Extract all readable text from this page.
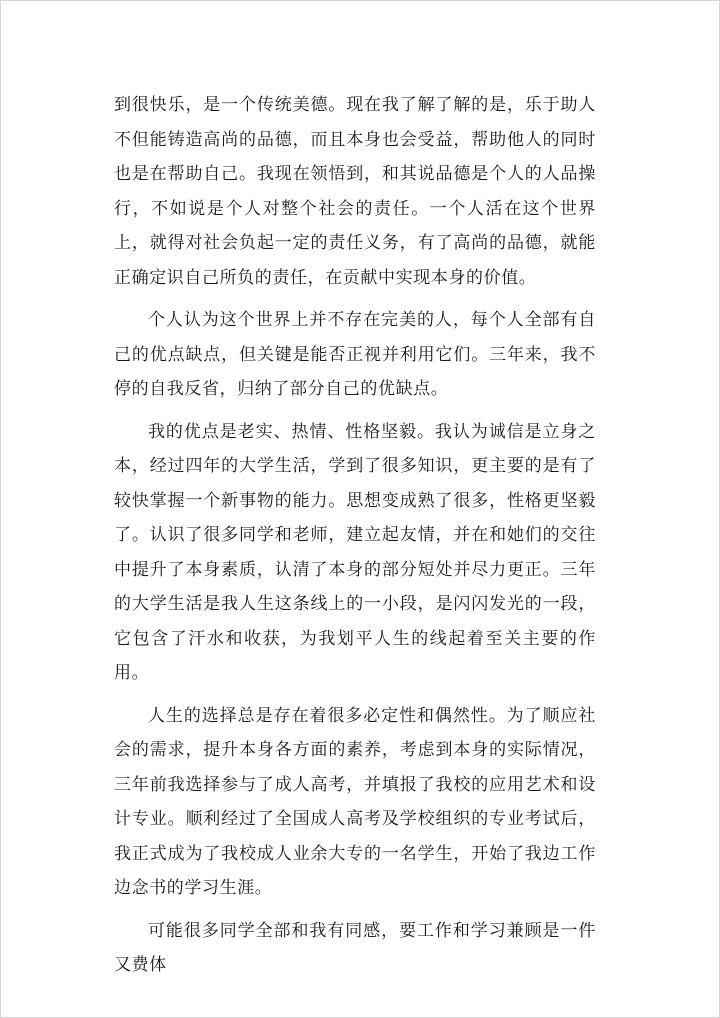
到很快乐，是一个传统美德。现在我了解了解的是，乐于助人不但能铸造高尚的品德，而且本身也会受益，帮助他人的同时也是在帮助自己。我现在领悟到，和其说品德是个人的人品操行，不如说是个人对整个社会的责任。一个人活在这个世界上，就得对社会负起一定的责任义务，有了高尚的品德，就能正确定识自己所负的责任，在贡献中实现本身的价值。

个人认为这个世界上并不存在完美的人，每个人全部有自己的优点缺点，但关键是能否正视并利用它们。三年来，我不停的自我反省，归纳了部分自己的优缺点。

我的优点是老实、热情、性格坚毅。我认为诚信是立身之本，经过四年的大学生活，学到了很多知识，更主要的是有了较快掌握一个新事物的能力。思想变成熟了很多，性格更坚毅了。认识了很多同学和老师，建立起友情，并在和她们的交往中提升了本身素质，认清了本身的部分短处并尽力更正。三年的大学生活是我人生这条线上的一小段，是闪闪发光的一段，它包含了汗水和收获，为我划平人生的线起着至关主要的作用。

人生的选择总是存在着很多必定性和偶然性。为了顺应社会的需求，提升本身各方面的素养，考虑到本身的实际情况，三年前我选择参与了成人高考，并填报了我校的应用艺术和设计专业。顺利经过了全国成人高考及学校组织的专业考试后，我正式成为了我校成人业余大专的一名学生，开始了我边工作边念书的学习生涯。

可能很多同学全部和我有同感，要工作和学习兼顾是一件又费体
